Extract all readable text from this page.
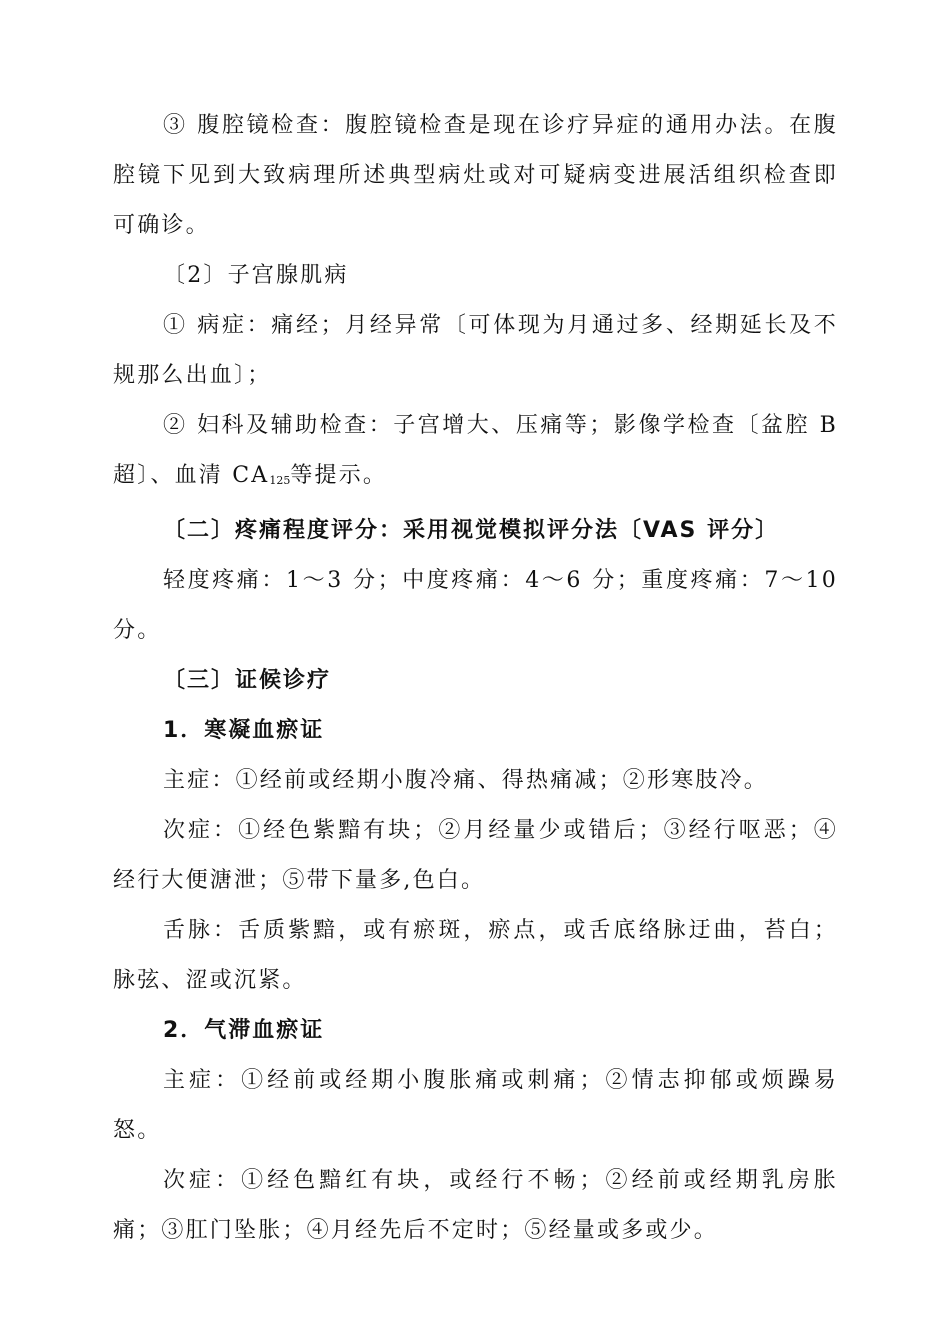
③ 腹腔镜检查：腹腔镜检查是现在诊疗异症的通用办法。在腹腔镜下见到大致病理所述典型病灶或对可疑病变进展活组织检查即可确诊。

〔2〕子宫腺肌病

① 病症：痛经；月经异常〔可体现为月通过多、经期延长及不规那么出血〕；

② 妇科及辅助检查：子宫增大、压痛等；影像学检查〔盆腔 B 超〕、血清 CA125等提示。

〔二〕疼痛程度评分：采用视觉模拟评分法〔VAS 评分〕

轻度疼痛：1～3 分；中度疼痛：4～6 分；重度疼痛：7～10 分。

〔三〕证候诊疗

1．寒凝血瘀证

主症：①经前或经期小腹冷痛、得热痛减；②形寒肢冷。

次症：①经色紫黯有块；②月经量少或错后；③经行呕恶；④经行大便溏泄；⑤带下量多,色白。

舌脉：舌质紫黯，或有瘀斑，瘀点，或舌底络脉迂曲，苔白；脉弦、涩或沉紧。

2．气滞血瘀证

主症：①经前或经期小腹胀痛或刺痛；②情志抑郁或烦躁易怒。

次症：①经色黯红有块，或经行不畅；②经前或经期乳房胀痛；③肛门坠胀；④月经先后不定时；⑤经量或多或少。
